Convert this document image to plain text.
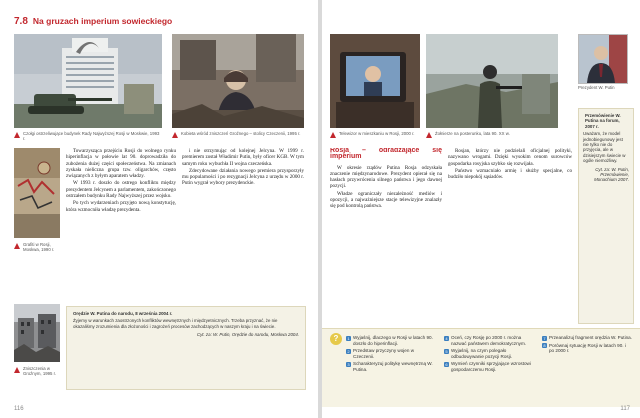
7.8 Na gruzach imperium sowieckiego
Czołgi ostrzeliwujące budynek Rady Najwyższej Rosji w Moskwie, 1993 r.
Kobieta wśród zniszczeń Groźnego – stolicy Czeczenii, 1995 r.
Grafiti w Rosji, Moskwa, 1990 r.
Zniszczenia w Groźnym, 1995 r.

Towarzysząca przejściu Rosji do wolnego rynku hiperinflacja w połowie lat 90. doprowadziła do zubożenia dużej części społeczeństwa. Na zmianach zyskała nieliczna grupa tzw. oligarchów, często związanych z byłym aparatem władzy.

W 1993 r. doszło do ostrego konfliktu między prezydentem Jelcynem a parlamentem, zakończonego ostrzałem budynku Rady Najwyższej przez wojsko.

Po tych wydarzeniach przyjęto nową konstytucję, która wzmocniła władzę prezydenta.

i nie otrzymując od kolejnej Jelcyna. W 1999 r. premierem został Władimir Putin, były oficer KGB. W tym samym roku wybuchła II wojna czeczeńska.

Zdecydowane działania nowego premiera przysporzyły mu popularności i po rezygnacji Jelcyna z urzędu w 2000 r. Putin wygrał wybory prezydenckie.

Orędzie W. Putina do narodu, 8 września 2004 r.
Żyjemy w warunkach zaostrzonych konfliktów wewnętrznych i międzyetnicznych. Trzeba przyznać, że nie okazaliśmy zrozumienia dla złożoności i zagrożeń procesów zachodzących w naszym kraju i na świecie.
Cyt. za: W. Putin, Orędzie do narodu, Moskwa 2004.
116
Telewizor w mieszkaniu w Rosji, 2000 r.	Żołnierze na posterunku, lata 90. XX w.
Prezydent W. Putin
Rosja – odradzające się imperium

W okresie rządów Putina Rosja odzyskała znaczenie międzynarodowe. Prezydent opierał się na hasłach przywrócenia silnego państwa i jego dawnej pozycji.

Władze ograniczały niezależność mediów i opozycji, a najważniejsze stacje telewizyjne znalazły się pod kontrolą państwa.

Rosjan, którzy nie podzielali oficjalnej polityki, nazywano wrogami. Dzięki wysokim cenom surowców gospodarka rosyjska szybko się rozwijała.

Państwo wzmacniało armię i służby specjalne, co budziło niepokój sąsiadów.

Przemówienie W. Putina na forum, 2007 r.
Uważam, że model jednobiegunowy jest nie tylko nie do przyjęcia, ale w dzisiejszym świecie w ogóle niemożliwy.
Cyt. za: W. Putin, Przemówienie, Monachium 2007.
?	1 Wyjaśnij, dlaczego w Rosji w latach 90. doszło do hiperinflacji.
2 Przedstaw przyczyny wojen w Czeczenii.
3 Scharakteryzuj politykę wewnętrzną W. Putina.
4 Oceń, czy Rosję po 2000 r. można nazwać państwem demokratycznym.
5 Wyjaśnij, na czym polegało odbudowywanie pozycji Rosji.
6 Wymień czynniki sprzyjające wzrostowi gospodarczemu Rosji.
7 Przeanalizuj fragment orędzia W. Putina.
8 Porównaj sytuację Rosji w latach 90. i po 2000 r.
117
